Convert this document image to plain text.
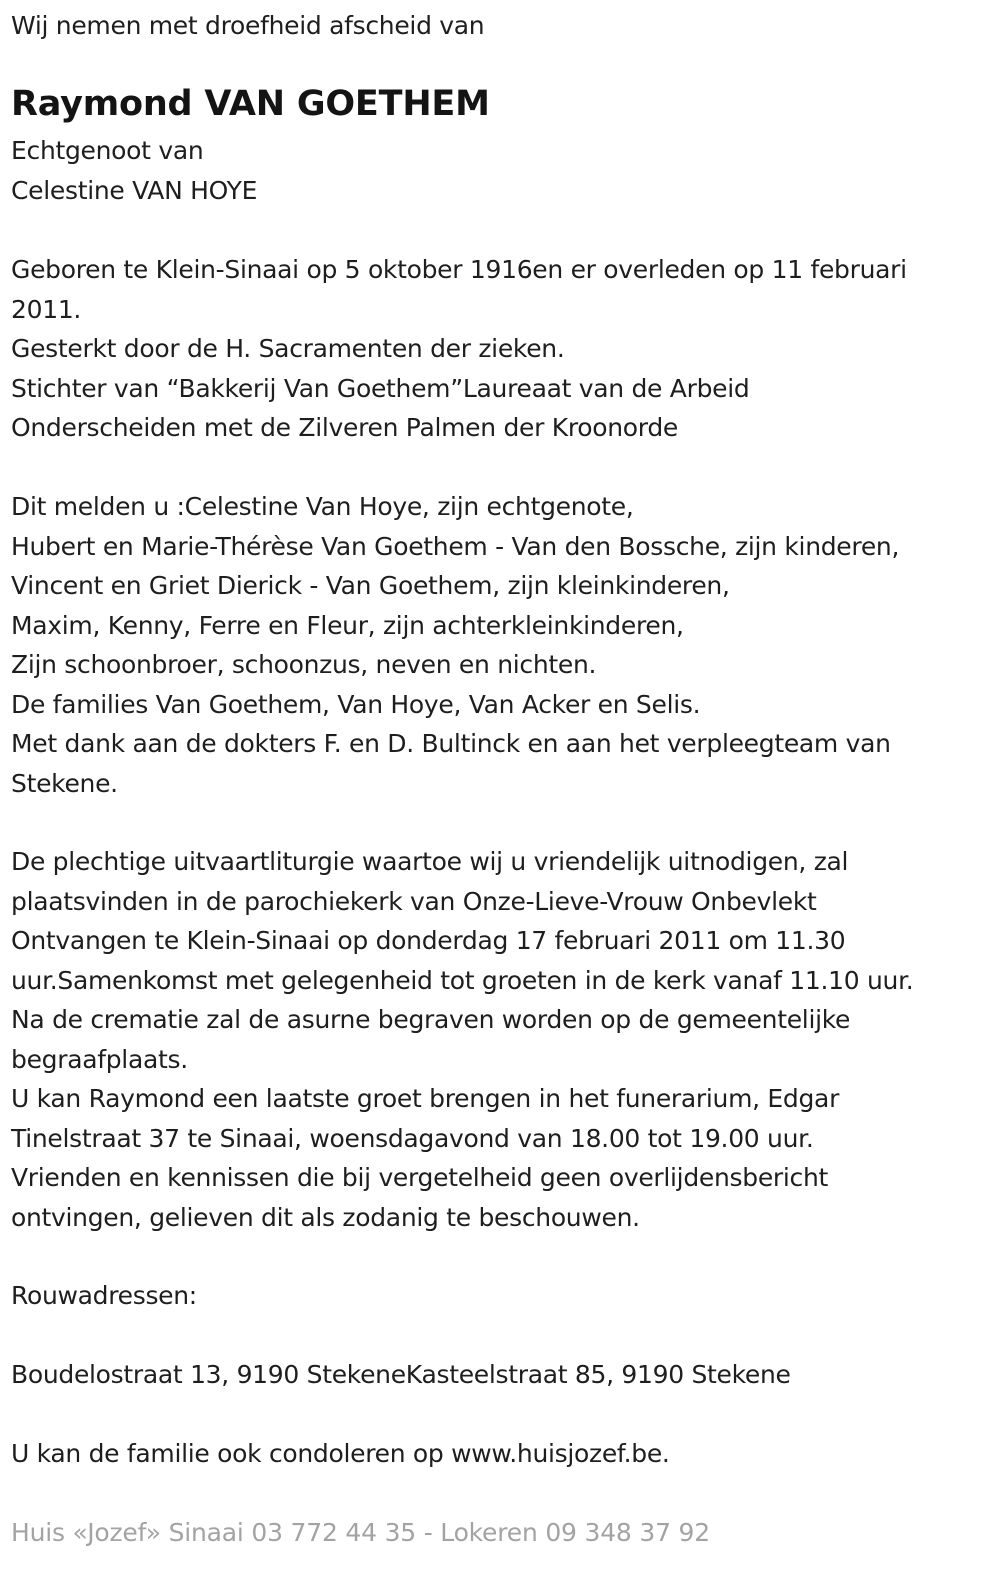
Wij nemen met droefheid afscheid van
Raymond VAN GOETHEM
Echtgenoot van
Celestine VAN HOYE
Geboren te Klein-Sinaai op 5 oktober 1916en er overleden op 11 februari
2011.
Gesterkt door de H. Sacramenten der zieken.
Stichter van “Bakkerij Van Goethem”Laureaat van de Arbeid
Onderscheiden met de Zilveren Palmen der Kroonorde
Dit melden u :Celestine Van Hoye, zijn echtgenote,
Hubert en Marie-Thérèse Van Goethem - Van den Bossche, zijn kinderen,
Vincent en Griet Dierick - Van Goethem, zijn kleinkinderen,
Maxim, Kenny, Ferre en Fleur, zijn achterkleinkinderen,
Zijn schoonbroer, schoonzus, neven en nichten.
De families Van Goethem, Van Hoye, Van Acker en Selis.
Met dank aan de dokters F. en D. Bultinck en aan het verpleegteam van
Stekene.
De plechtige uitvaartliturgie waartoe wij u vriendelijk uitnodigen, zal
plaatsvinden in de parochiekerk van Onze-Lieve-Vrouw Onbevlekt
Ontvangen te Klein-Sinaai op donderdag 17 februari 2011 om 11.30
uur.Samenkomst met gelegenheid tot groeten in de kerk vanaf 11.10 uur.
Na de crematie zal de asurne begraven worden op de gemeentelijke
begraafplaats.
U kan Raymond een laatste groet brengen in het funerarium, Edgar
Tinelstraat 37 te Sinaai, woensdagavond van 18.00 tot 19.00 uur.
Vrienden en kennissen die bij vergetelheid geen overlijdensbericht
ontvingen, gelieven dit als zodanig te beschouwen.
Rouwadressen:
Boudelostraat 13, 9190 StekeneKasteelstraat 85, 9190 Stekene
U kan de familie ook condoleren op www.huisjozef.be.
Huis «Jozef» Sinaai 03 772 44 35 - Lokeren 09 348 37 92
